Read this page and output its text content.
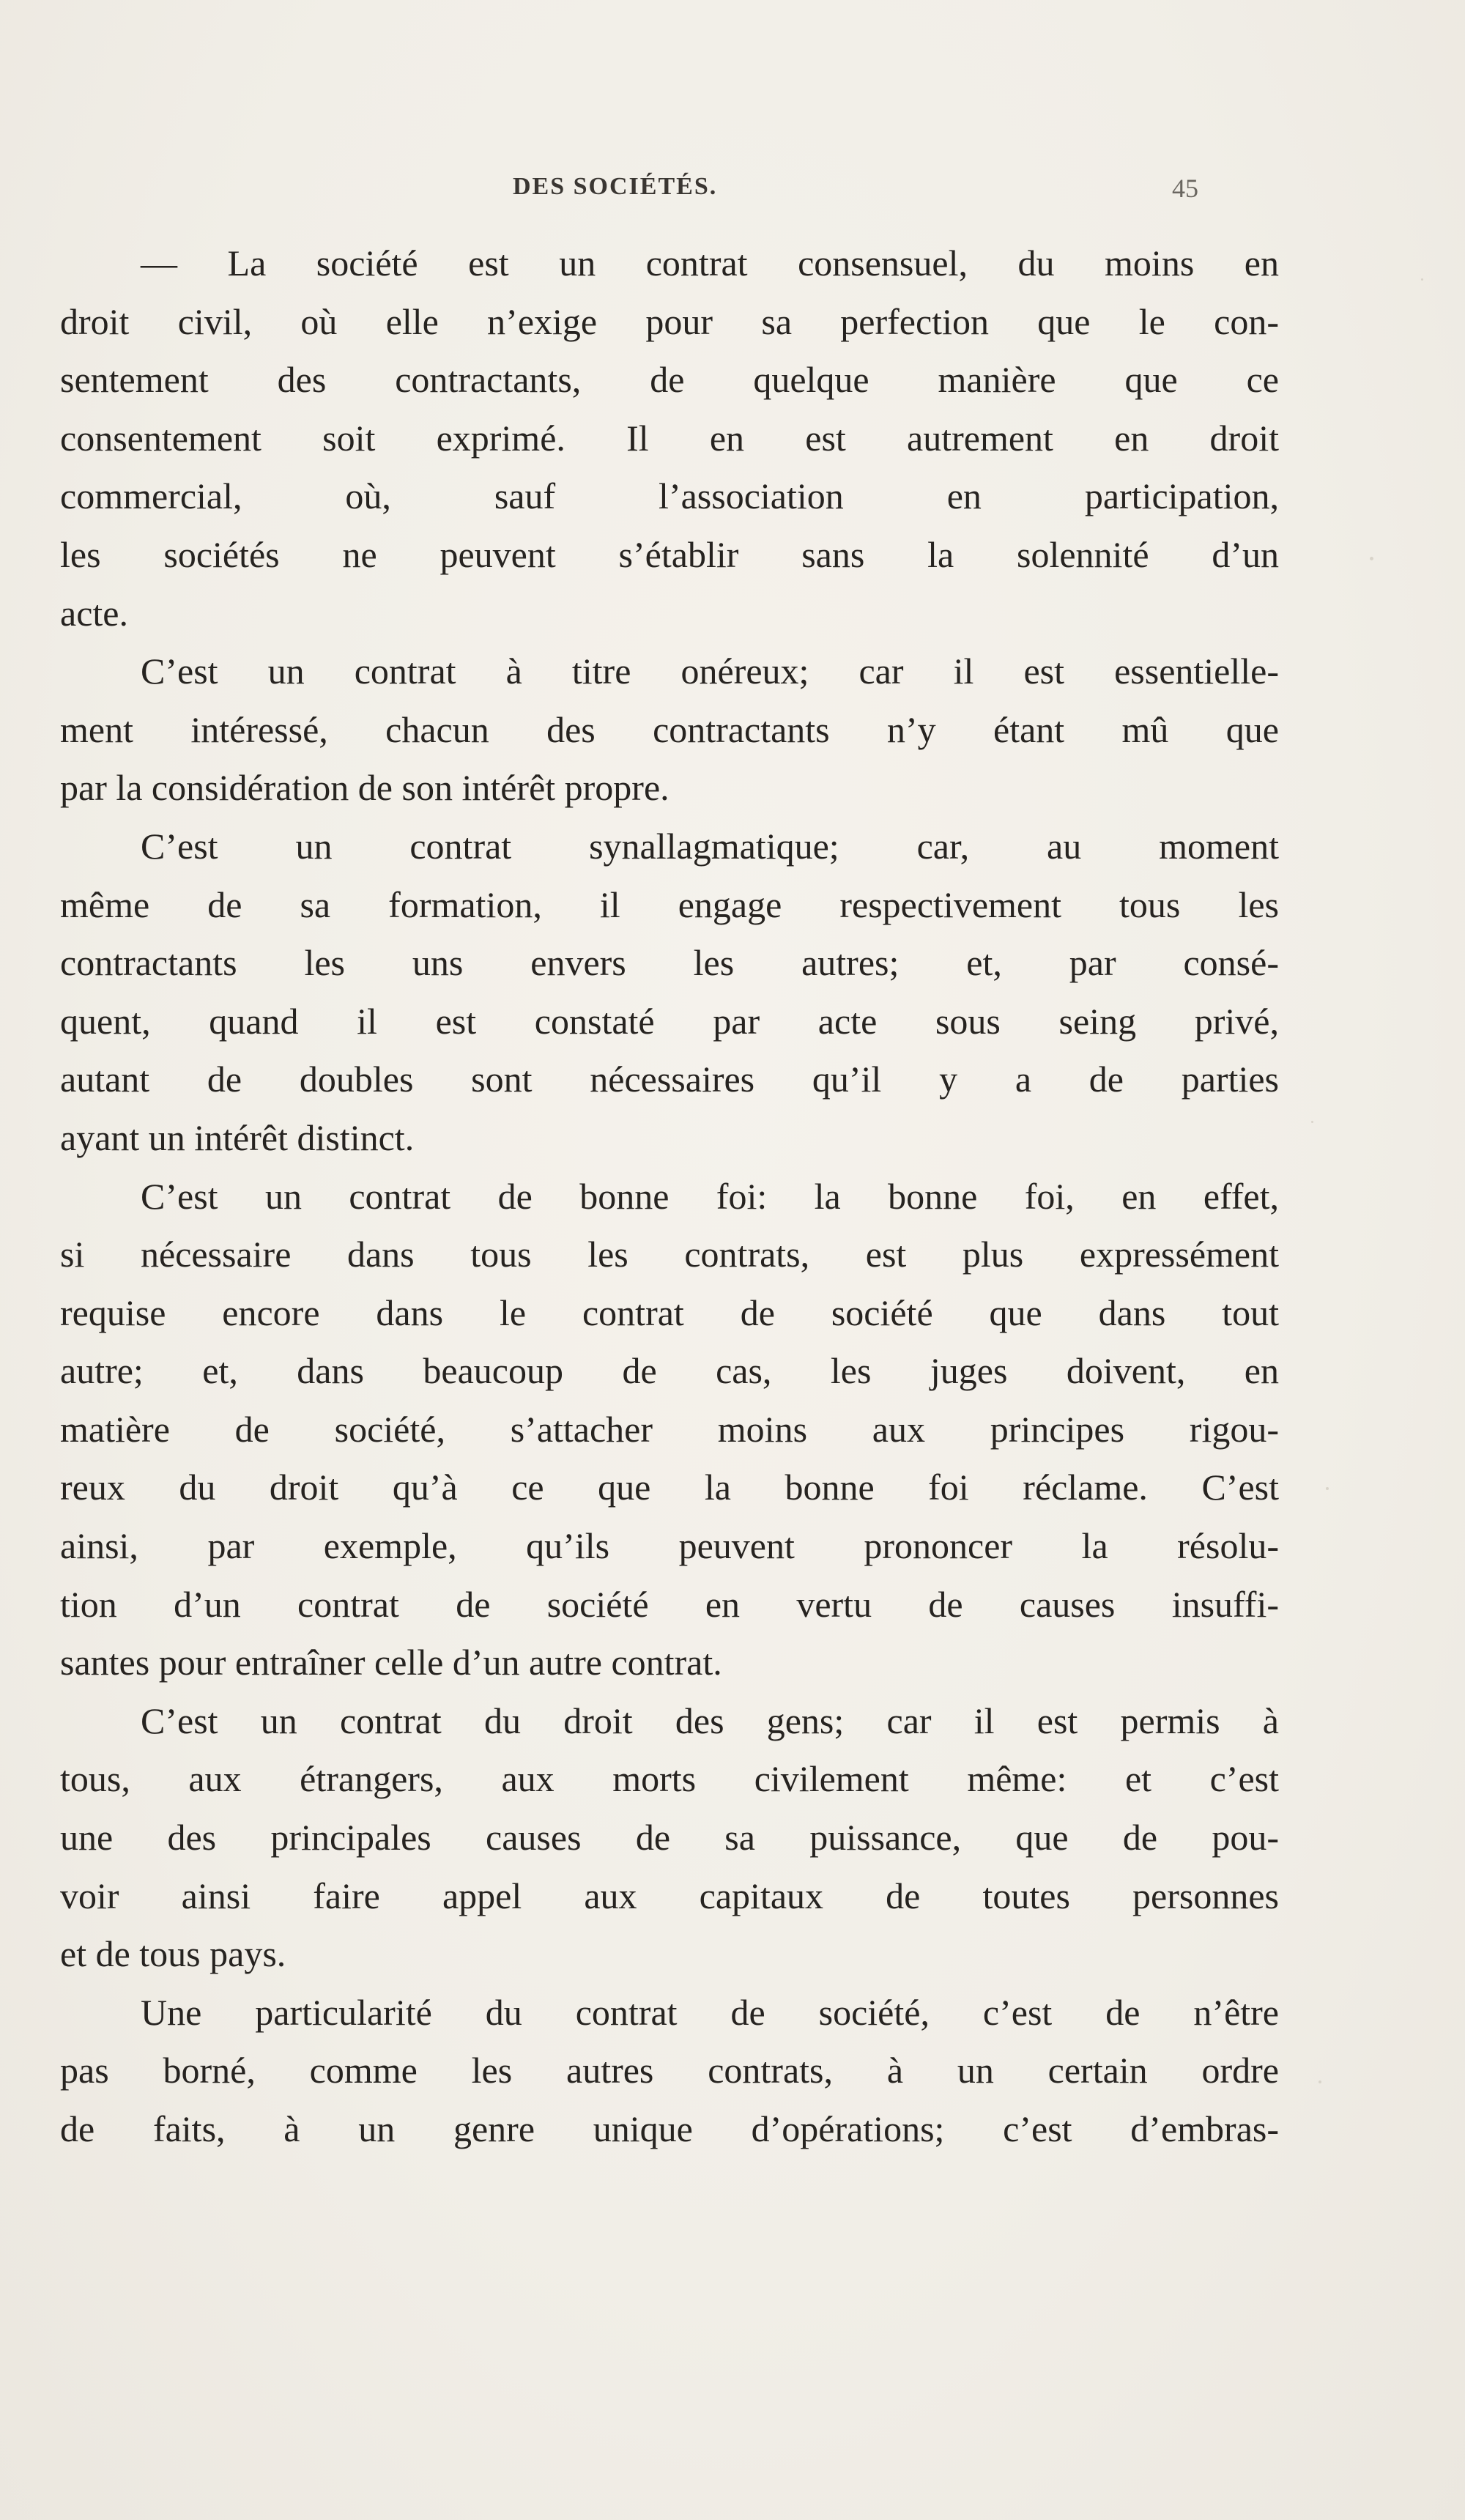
DES SOCIÉTÉS.	45
— La société est un contrat consensuel, du moins en
droit civil, où elle n’exige pour sa perfection que le con-
sentement des contractants, de quelque manière que ce
consentement soit exprimé. Il en est autrement en droit
commercial, où, sauf l’association en participation,
les sociétés ne peuvent s’établir sans la solennité d’un
acte.
C’est un contrat à titre onéreux; car il est essentielle-
ment intéressé, chacun des contractants n’y étant mû que
par la considération de son intérêt propre.
C’est un contrat synallagmatique; car, au moment
même de sa formation, il engage respectivement tous les
contractants les uns envers les autres; et, par consé-
quent, quand il est constaté par acte sous seing privé,
autant de doubles sont nécessaires qu’il y a de parties
ayant un intérêt distinct.
C’est un contrat de bonne foi: la bonne foi, en effet,
si nécessaire dans tous les contrats, est plus expressément
requise encore dans le contrat de société que dans tout
autre; et, dans beaucoup de cas, les juges doivent, en
matière de société, s’attacher moins aux principes rigou-
reux du droit qu’à ce que la bonne foi réclame. C’est
ainsi, par exemple, qu’ils peuvent prononcer la résolu-
tion d’un contrat de société en vertu de causes insuffi-
santes pour entraîner celle d’un autre contrat.
C’est un contrat du droit des gens; car il est permis à
tous, aux étrangers, aux morts civilement même: et c’est
une des principales causes de sa puissance, que de pou-
voir ainsi faire appel aux capitaux de toutes personnes
et de tous pays.
Une particularité du contrat de société, c’est de n’être
pas borné, comme les autres contrats, à un certain ordre
de faits, à un genre unique d’opérations; c’est d’embras-
